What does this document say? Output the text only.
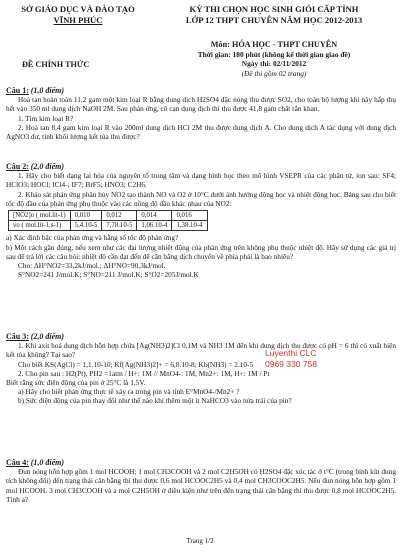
SỞ GIÁO DỤC VÀ ĐÀO TẠO
VĨNH PHÚC
KỲ THI CHỌN HỌC SINH GIỎI CẤP TỈNH
LỚP 12 THPT CHUYÊN NĂM HỌC 2012-2013
Môn: HÓA HỌC - THPT CHUYÊN
Thời gian: 180 phút (không kể thời gian giao đề)
Ngày thi: 02/11/2012
(Đề thi gồm 02 trang)
ĐỀ CHÍNH THỨC
Câu 1: (1,0 điểm)

Hoà tan hoàn toàn 11,2 gam một kim loại R bằng dung dịch H2SO4 đặc nóng thu được SO2, cho toàn bộ lượng khí này hấp thụ hết vào 350 ml dung dịch NaOH 2M. Sau phản ứng, cô cạn dung dịch thì thu được 41,8 gam chất rắn khan.

1. Tìm kim loại R?

2. Hoà tan 8,4 gam kim loại R vào 200ml dung dịch HCl 2M thu được dung dịch A. Cho dung dịch A tác dụng với dung dịch AgNO3 dư, tính khối lượng kết tủa thu được?

Câu 2: (2,0 điểm)

1. Hãy cho biết dạng lai hóa của nguyên tố trung tâm và dạng hình học theo mô hình VSEPR của các phân tử, ion sau: SF4; HClO3; HOCl; ICl4-; IF7; BrF5; HNO3; C2H6.

2. Khảo sát phản ứng phân hủy NO2 tạo thành NO và O2 ở 10°C dưới ảnh hưởng động học và nhiệt động học. Bảng sau cho biết tốc độ đầu của phản ứng phụ thuộc vào các nồng độ đầu khác nhau của NO2:

[NO2]o ( mol.lit-1)	0,010	0,012	0,014	0,016
vo ( mol.lit-1.s-1)	5,4.10-5	7,78.10-5	1,06.10-4	1,38.10-4

a) Xác định bậc của phản ứng và hằng số tốc độ phản ứng?

b) Một cách gần đúng, nếu xem như các đại lượng nhiệt động của phản ứng trên không phụ thuộc nhiệt độ. Hãy sử dụng các giá trị sau để trả lời các câu hỏi: nhiệt độ cần đạt đến để cân bằng dịch chuyển về phía phải là bao nhiêu?

Cho: ΔH°NO2=33,2kJ/mol.; ΔH°NO=90,3kJ/mol.

S°NO2=241 J/mol.K; S°NO=211 J/mol.K; S°O2=205J/mol.K

Luyenthi CLC
0969 330 758
Câu 3: (2,0 điểm)

1. Khi axit hoá dung dịch hỗn hợp chứa [Ag(NH3)2]Cl 0,1M và NH3 1M đến khi dung dịch thu được có pH = 6 thì có xuất hiện kết tủa không? Tại sao?

Cho biết KS(AgCl) = 1,1.10-10; Kf[Ag(NH3)2]+ = 6,8.10-8; Kb(NH3) = 2.10-5

2. Cho pin sau : H2(Pt), PH2 =1atm / H+: 1M // MnO4-: 1M, Mn2+: 1M, H+: 1M / Pt

Biết rằng sức điện động của pin ở 25°C là 1,5V.

a) Hãy cho biết phản ứng thực tế xảy ra trong pin và tính E°MnO4-/Mn2+ ?

b) Sức điện động của pin thay đổi như thế nào khi thêm một ít NaHCO3 vào nửa trái của pin?

Câu 4: (1,0 điểm)

Đun nóng hỗn hợp gồm 1 mol HCOOH; 1 mol CH3COOH và 2 mol C2H5OH có H2SO4 đặc xúc tác ở t°C (trong bình kín dung tích không đổi) đến trạng thái cân bằng thì thu được 0,6 mol HCOOC2H5 và 0,4 mol CH3COOC2H5. Nếu đun nóng hỗn hợp gồm 1 mol HCOOH, 3 mol CH3COOH và a mol C2H5OH ở điều kiện như trên đến trạng thái cân bằng thì thu được 0,8 mol HCOOC2H5. Tính a?

Trang 1/2
